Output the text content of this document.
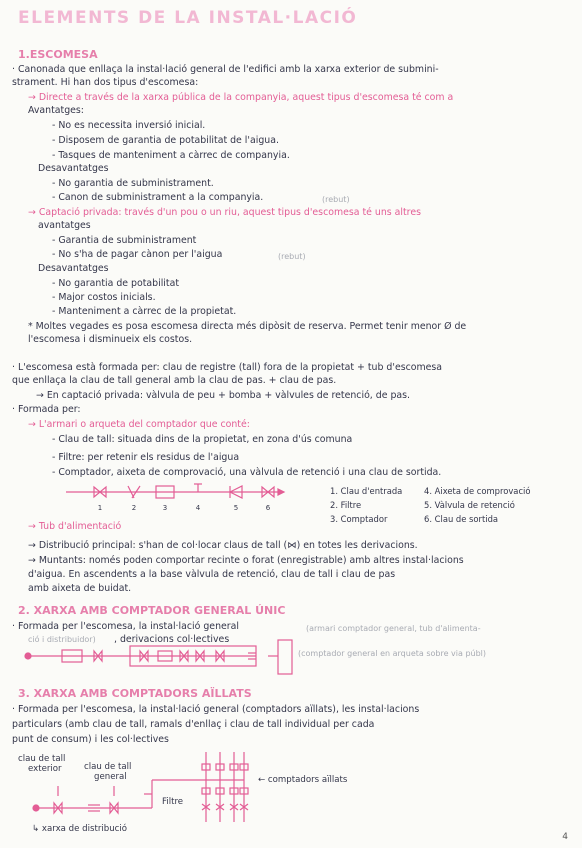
ELEMENTS DE LA INSTAL·LACIÓ
1.ESCOMESA
· Canonada que enllaça la instal·lació general de l'edifici amb la xarxa exterior de submini-
strament. Hi han dos tipus d'escomesa:
→ Directe a través de la xarxa pública de la companyia, aquest tipus d'escomesa té com a
Avantatges:
- No es necessita inversió inicial.
- Disposem de garantia de potabilitat de l'aigua.
- Tasques de manteniment a càrrec de companyia.
Desavantatges
- No garantia de subministrament.
- Canon de subministrament a la companyia.	(rebut)
→ Captació privada: través d'un pou o un riu, aquest tipus d'escomesa té uns altres
avantatges
- Garantia de subministrament
- No s'ha de pagar cànon per l'aigua	(rebut)
Desavantatges
- No garantia de potabilitat
- Major costos inicials.
- Manteniment a càrrec de la propietat.
* Moltes vegades es posa escomesa directa més dipòsit de reserva. Permet tenir menor Ø de
l'escomesa i disminueix els costos.
· L'escomesa està formada per: clau de registre (tall) fora de la propietat + tub d'escomesa
que enllaça la clau de tall general amb la clau de pas. + clau de pas.
→ En captació privada: vàlvula de peu + bomba + vàlvules de retenció, de pas.
· Formada per:
→ L'armari o arqueta del comptador que conté:
- Clau de tall: situada dins de la propietat, en zona d'ús comuna
- Filtre: per retenir els residus de l'aigua
- Comptador, aixeta de comprovació, una vàlvula de retenció i una clau de sortida.
1	2	3	4	5	6
1. Clau d'entrada
2. Filtre
3. Comptador
4. Aixeta de comprovació
5. Vàlvula de retenció
6. Clau de sortida
→ Tub d'alimentació
→ Distribució principal: s'han de col·locar claus de tall (⋈) en totes les derivacions.
→ Muntants: només poden comportar recinte o forat (enregistrable) amb altres instal·lacions
d'aigua. En ascendents a la base vàlvula de retenció, clau de tall i clau de pas
amb aixeta de buidat.
2. XARXA AMB COMPTADOR GENERAL ÚNIC
· Formada per l'escomesa, la instal·lació general	(armari comptador general, tub d'alimenta-
ció i distribuidor) , derivacions col·lectives
(comptador general en arqueta sobre via públ)
3. XARXA AMB COMPTADORS AÏLLATS
· Formada per l'escomesa, la instal·lació general (comptadors aïllats), les instal·lacions
particulars (amb clau de tall, ramals d'enllaç i clau de tall individual per cada
punt de consum) i les col·lectives
clau de tall
exterior	clau de tall
general
Filtre
← comptadors aïllats
↳ xarxa de distribució
4
